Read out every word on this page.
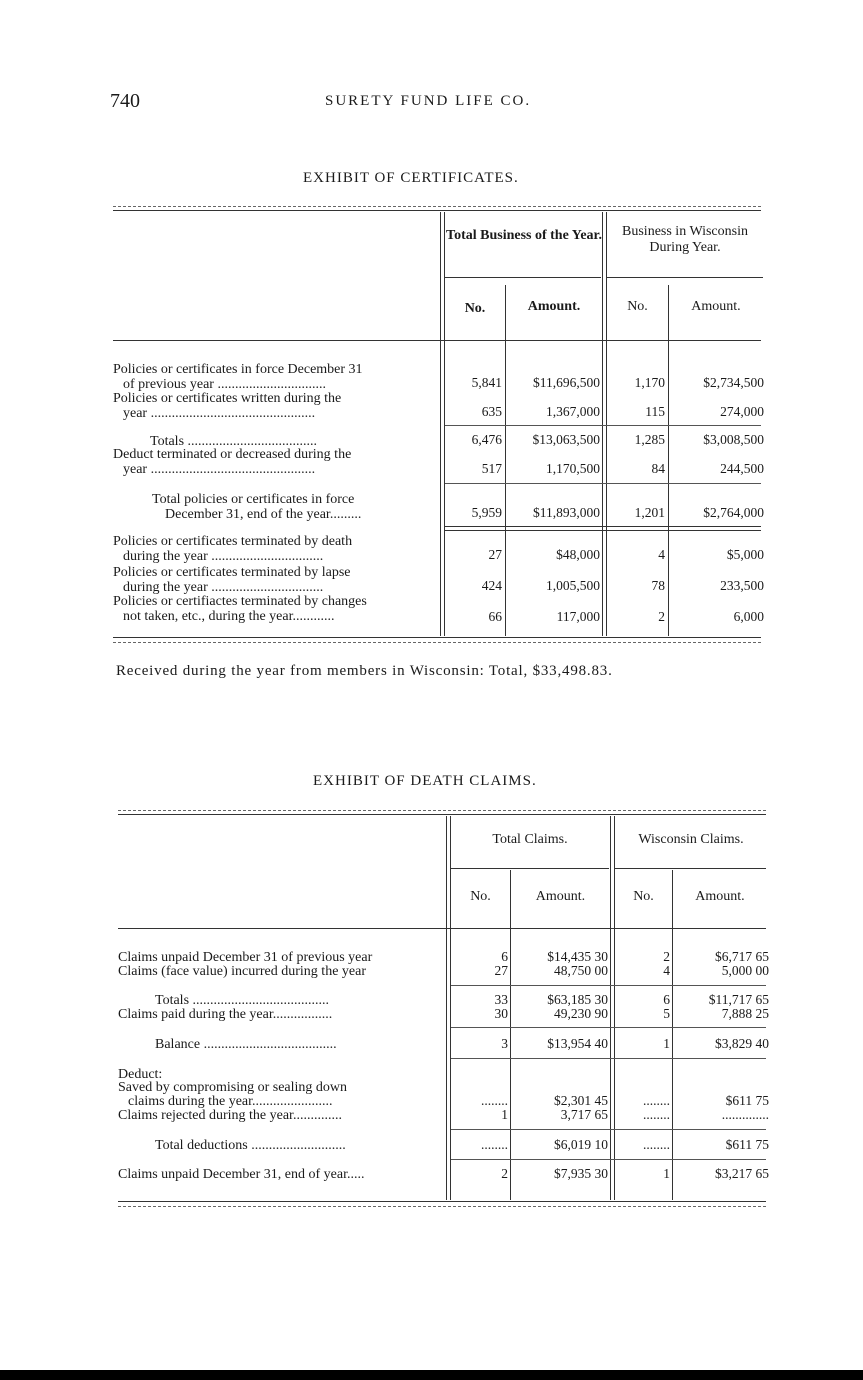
740	SURETY FUND LIFE CO.
EXHIBIT OF CERTIFICATES.
Total Business of the Year.	Business in Wisconsin During Year.
No.	Amount.	No.	Amount.
Policies or certificates in force December 31
of previous year ...............................	5,841	$11,696,500	1,170	$2,734,500
Policies or certificates written during the
year ...............................................	635	1,367,000	115	274,000
Totals .....................................	6,476	$13,063,500	1,285	$3,008,500
Deduct terminated or decreased during the
year ...............................................	517	1,170,500	84	244,500
Total policies or certificates in force
December 31, end of the year.........	5,959	$11,893,000	1,201	$2,764,000
Policies or certificates terminated by death
during the year ................................	27	$48,000	4	$5,000
Policies or certificates terminated by lapse
during the year ................................	424	1,005,500	78	233,500
Policies or certifiactes terminated by changes
not taken, etc., during the year............	66	117,000	2	6,000
Received during the year from members in Wisconsin: Total, $33,498.83.
EXHIBIT OF DEATH CLAIMS.
Total Claims.	Wisconsin Claims.
No.	Amount.	No.	Amount.
Claims unpaid December 31 of previous year	6	$14,435 30	2	$6,717 65
Claims (face value) incurred during the year	27	48,750 00	4	5,000 00
Totals .......................................	33	$63,185 30	6	$11,717 65
Claims paid during the year.................	30	49,230 90	5	7,888 25
Balance ......................................	3	$13,954 40	1	$3,829 40
Deduct:
Saved by compromising or sealing down
claims during the year.......................	........	$2,301 45	........	$611 75
Claims rejected during the year..............	1	3,717 65	........	..............
Total deductions ...........................	........	$6,019 10	........	$611 75
Claims unpaid December 31, end of year.....	2	$7,935 30	1	$3,217 65
